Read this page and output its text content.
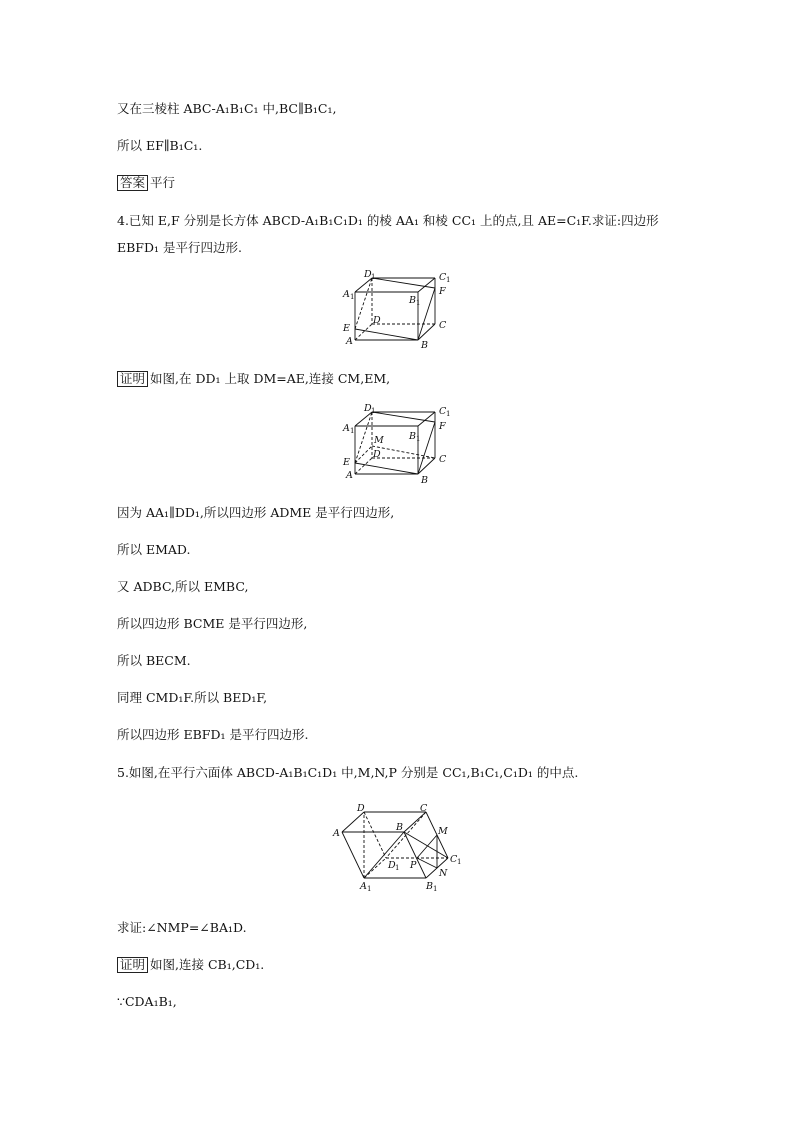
又在三棱柱 ABC-A₁B₁C₁ 中,BC∥B₁C₁,
所以 EF∥B₁C₁.
答案 平行
4.已知 E,F 分别是长方体 ABCD-A₁B₁C₁D₁ 的棱 AA₁ 和棱 CC₁ 上的点,且 AE=C₁F.求证:四边形
EBFD₁ 是平行四边形.
D 1	C 1
A 1	B 1
F
D	C
E
A	B
证明 如图,在 DD₁ 上取 DM=AE,连接 CM,EM,
D 1	C 1
A 1	B 1
F
M
D	C
E
A	B
因为 AA₁∥DD₁,所以四边形 ADME 是平行四边形,
所以 EMAD.
又 ADBC,所以 EMBC,
所以四边形 BCME 是平行四边形,
所以 BECM.
同理 CMD₁F.所以 BED₁F,
所以四边形 EBFD₁ 是平行四边形.
5.如图,在平行六面体 ABCD-A₁B₁C₁D₁ 中,M,N,P 分别是 CC₁,B₁C₁,C₁D₁ 的中点.
D	C
A
B	M
D 1 P
C 1
N
A 1	B 1
求证:∠NMP=∠BA₁D.
证明 如图,连接 CB₁,CD₁.
∵CDA₁B₁,
